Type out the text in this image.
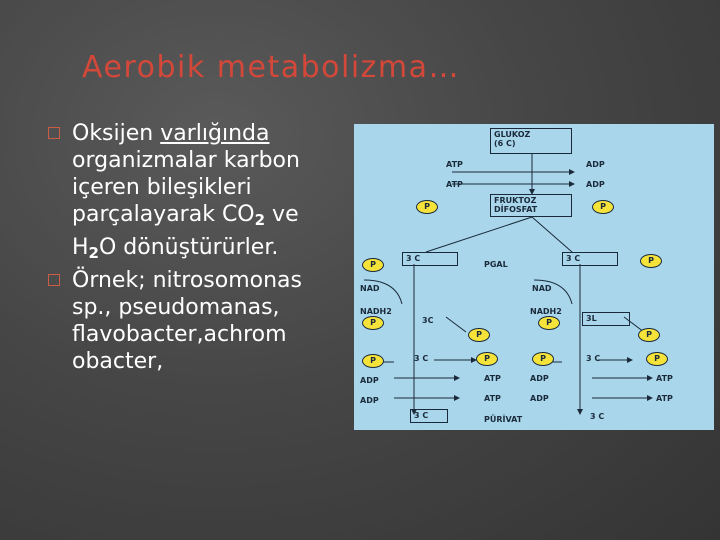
Aerobik metabolizma…
Oksijen varlığında organizmalar karbon içeren bileşikleri parçalayarak $CO_2$ ve $H_2O$ dönüştürürler.
Örnek; nitrosomonas sp., pseudomanas, flavobacter,achrom obacter,
GLUKOZ
(6 C)
ATP	ADP
ATP	ADP
FRUKTOZ
DİFOSFAT
P	P
P
3 C
PGAL
3 C	P
NAD	NAD
NADH2
P	3C
P
NADH2
P	3L
P
P	3 C	P	P	3 C	P
ADP	ATP	ADP	ATP
ADP	ATP	ADP	ATP
3 C	PÜRİVAT	3 C
